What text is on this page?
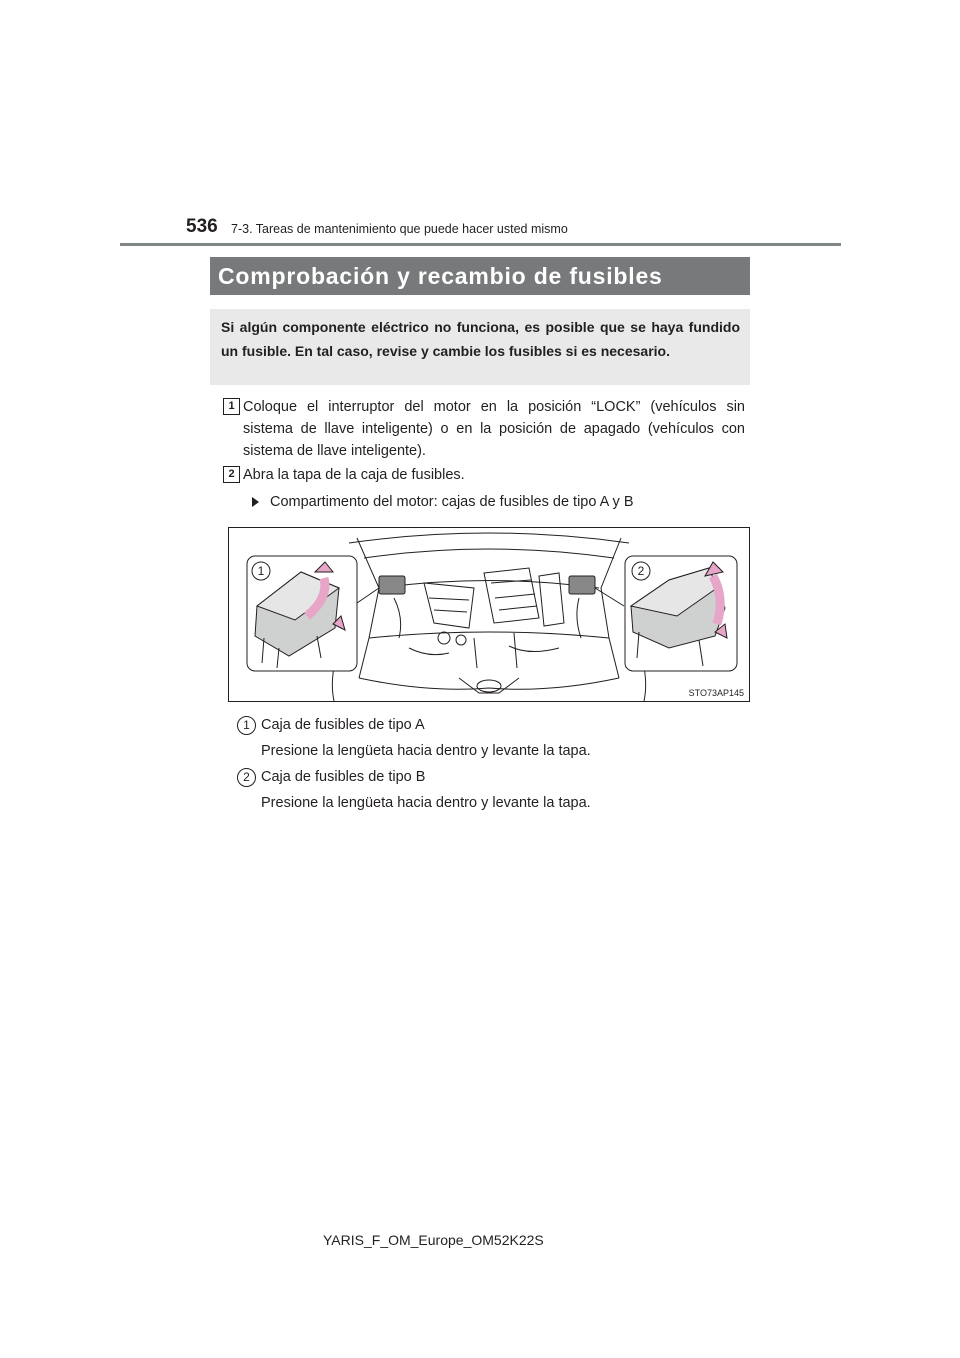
536 7-3. Tareas de mantenimiento que puede hacer usted mismo
Comprobación y recambio de fusibles
Si algún componente eléctrico no funciona, es posible que se haya fundido un fusible. En tal caso, revise y cambie los fusibles si es necesario.
1 Coloque el interruptor del motor en la posición “LOCK” (vehículos sin
sistema de llave inteligente) o en la posición de apagado (vehículos con
sistema de llave inteligente).
2 Abra la tapa de la caja de fusibles.
Compartimento del motor: cajas de fusibles de tipo A y B
1	2
STO73AP145
1 Caja de fusibles de tipo A
Presione la lengüeta hacia dentro y levante la tapa.
2 Caja de fusibles de tipo B
Presione la lengüeta hacia dentro y levante la tapa.
YARIS_F_OM_Europe_OM52K22S
